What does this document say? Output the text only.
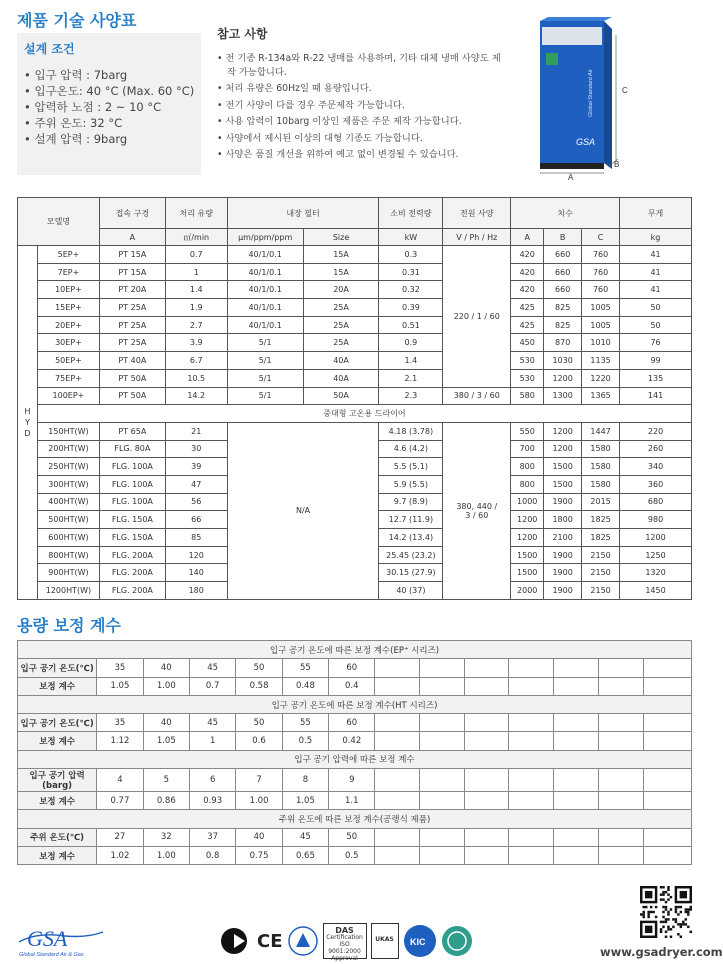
제품 기술 사양표
설계 조건
• 입구 압력 : 7barg
• 입구온도: 40 °C (Max. 60 °C)
• 압력하 노점 : 2 ~ 10 °C
• 주위 온도: 32 °C
• 설계 압력 : 9barg
참고 사항
• 전 기종 R-134a와 R-22 냉매를 사용하며, 기타 대체 냉매 사양도 제작 가능합니다.
• 처리 유량은 60Hz일 때 용량입니다.
• 전기 사양이 다를 경우 주문제작 가능합니다.
• 사용 압력이 10barg 이상인 제품은 주문 제작 가능합니다.
• 사양에서 제시된 이상의 대형 기종도 가능합니다.
• 사양은 품질 개선을 위하여 예고 없이 변경될 수 있습니다.
GSA
Global Standard Air	C
B
A
모델명		접속 구경	처리 유량	내장 필터		소비 전력량	전원 사양	치수			무게
		A	㎥/min	μm/ppm/ppm	Size	kW	V / Ph / Hz	A	B	C	kg
H Y D	5EP+	PT 15A	0.7	40/1/0.1	15A	0.3	220 / 1 / 60	420	660	760	41
	7EP+	PT 15A	1	40/1/0.1	15A	0.31		420	660	760	41
	10EP+	PT 20A	1.4	40/1/0.1	20A	0.32		420	660	760	41
	15EP+	PT 25A	1.9	40/1/0.1	25A	0.39		425	825	1005	50
	20EP+	PT 25A	2.7	40/1/0.1	25A	0.51		425	825	1005	50
	30EP+	PT 25A	3.9	5/1	25A	0.9		450	870	1010	76
	50EP+	PT 40A	6.7	5/1	40A	1.4		530	1030	1135	99
	75EP+	PT 50A	10.5	5/1	40A	2.1		530	1200	1220	135
	100EP+	PT 50A	14.2	5/1	50A	2.3	380 / 3 / 60	580	1300	1365	141
	중대형 고온용 드라이어										
	150HT(W)	PT 65A	21	N/A		4.18 (3.78)	380, 440 / 3 / 60	550	1200	1447	220
	200HT(W)	FLG. 80A	30			4.6 (4.2)		700	1200	1580	260
	250HT(W)	FLG. 100A	39			5.5 (5.1)		800	1500	1580	340
	300HT(W)	FLG. 100A	47			5.9 (5.5)		800	1500	1580	360
	400HT(W)	FLG. 100A	56			9.7 (8.9)		1000	1900	2015	680
	500HT(W)	FLG. 150A	66			12.7 (11.9)		1200	1800	1825	980
	600HT(W)	FLG. 150A	85			14.2 (13.4)		1200	2100	1825	1200
	800HT(W)	FLG. 200A	120			25.45 (23.2)		1500	1900	2150	1250
	900HT(W)	FLG. 200A	140			30.15 (27.9)		1500	1900	2150	1320
	1200HT(W)	FLG. 200A	180			40 (37)		2000	1900	2150	1450
용량 보정 계수
입구 공기 온도에 따른 보정 계수(EP⁺ 시리즈)													
입구 공기 온도(℃)	35	40	45	50	55	60							
보정 계수	1.05	1.00	0.7	0.58	0.48	0.4							
입구 공기 온도에 따른 보정 계수(HT 시리즈)													
입구 공기 온도(℃)	35	40	45	50	55	60							
보정 계수	1.12	1.05	1	0.6	0.5	0.42							
입구 공기 압력에 따른 보정 계수													
입구 공기 압력(barg)	4	5	6	7	8	9							
보정 계수	0.77	0.86	0.93	1.00	1.05	1.1							
주위 온도에 따른 보정 계수(공랭식 제품)													
주위 온도(℃)	27	32	37	40	45	50							
보정 계수	1.02	1.00	0.8	0.75	0.65	0.5							
GSA
Global Standard Air & Gas
CE	DAS
Certification ISO 9001:2000 Approval
UKAS	KIC
www.gsadryer.com
